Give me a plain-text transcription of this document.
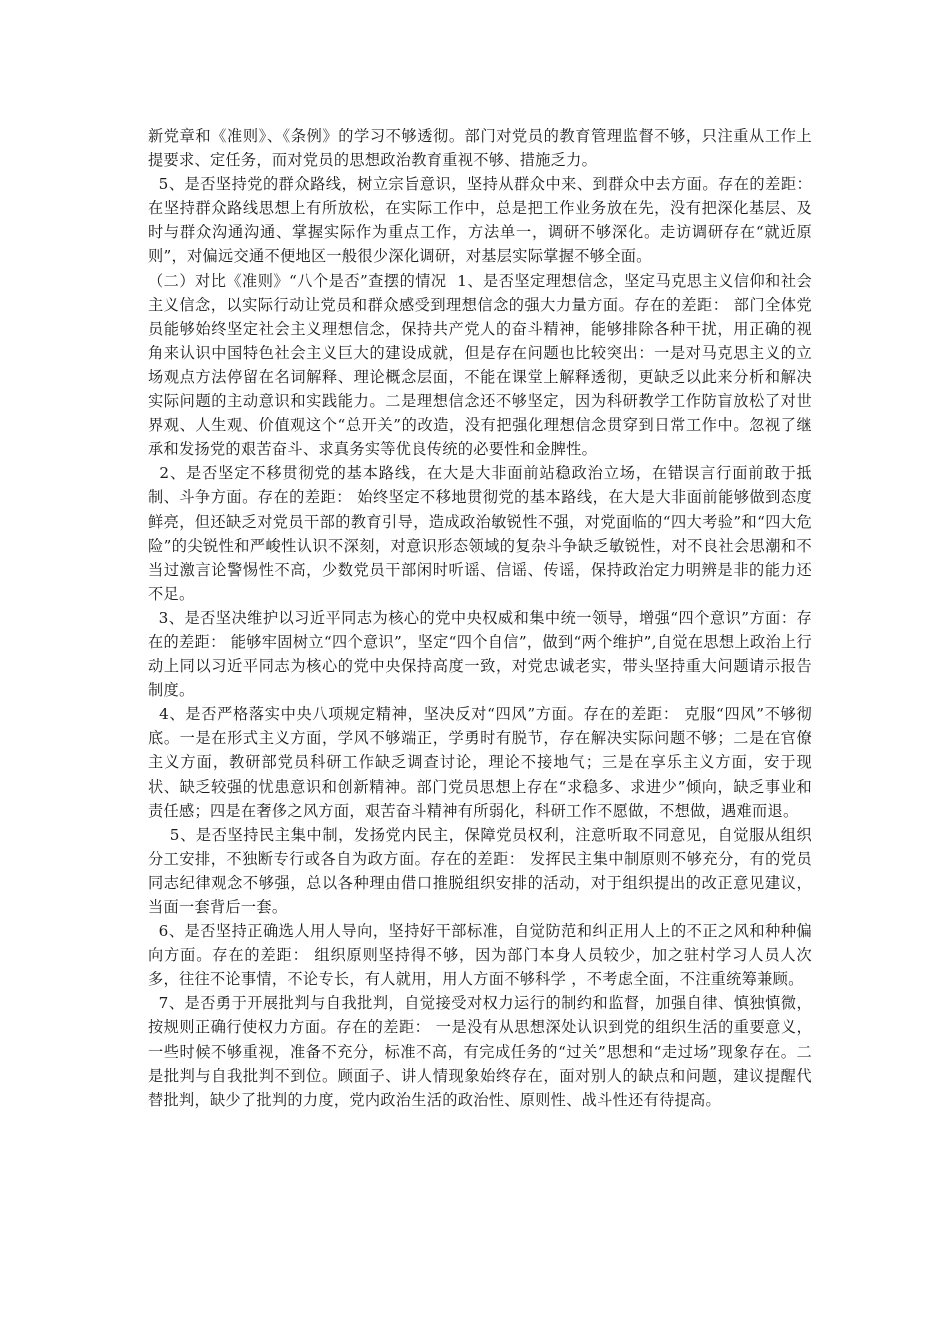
新党章和《准则》、《条例》的学习不够透彻。部门对党员的教育管理监督不够，只注重从工作上提要求、定任务，而对党员的思想政治教育重视不够、措施乏力。

5、是否坚持党的群众路线，树立宗旨意识，坚持从群众中来、到群众中去方面。存在的差距： 在坚持群众路线思想上有所放松，在实际工作中，总是把工作业务放在先，没有把深化基层、及时与群众沟通沟通、掌握实际作为重点工作，方法单一，调研不够深化。走访调研存在“就近原则”，对偏远交通不便地区一般很少深化调研，对基层实际掌握不够全面。

（二）对比《准则》“八个是否”查摆的情况  1、是否坚定理想信念，坚定马克思主义信仰和社会主义信念，以实际行动让党员和群众感受到理想信念的强大力量方面。存在的差距： 部门全体党员能够始终坚定社会主义理想信念，保持共产党人的奋斗精神，能够排除各种干扰，用正确的视角来认识中国特色社会主义巨大的建设成就，但是存在问题也比较突出：一是对马克思主义的立场观点方法停留在名词解释、理论概念层面，不能在课堂上解释透彻，更缺乏以此来分析和解决实际问题的主动意识和实践能力。二是理想信念还不够坚定，因为科研教学工作防盲放松了对世界观、人生观、价值观这个“总开关”的改造，没有把强化理想信念贯穿到日常工作中。忽视了继承和发扬党的艰苦奋斗、求真务实等优良传统的必要性和金脾性。

2、是否坚定不移贯彻党的基本路线，在大是大非面前站稳政治立场，在错误言行面前敢于抵制、斗争方面。存在的差距： 始终坚定不移地贯彻党的基本路线，在大是大非面前能够做到态度鲜亮，但还缺乏对党员干部的教育引导，造成政治敏锐性不强，对党面临的“四大考验”和“四大危险”的尖锐性和严峻性认识不深刻，对意识形态领域的复杂斗争缺乏敏锐性，对不良社会思潮和不当过激言论警惕性不高，少数党员干部闲时听谣、信谣、传谣，保持政治定力明辨是非的能力还不足。

3、是否坚决维护以习近平同志为核心的党中央权威和集中统一领导，增强“四个意识”方面：存在的差距： 能够牢固树立“四个意识”，坚定“四个自信”，做到“两个维护”,自觉在思想上政治上行动上同以习近平同志为核心的党中央保持高度一致，对党忠诚老实，带头坚持重大问题请示报告制度。

4、是否严格落实中央八项规定精神，坚决反对“四风”方面。存在的差距： 克服“四风”不够彻底。一是在形式主义方面，学风不够端正，学勇时有脱节，存在解决实际问题不够；二是在官僚主义方面，教研部党员科研工作缺乏调查讨论，理论不接地气；三是在享乐主义方面，安于现状、缺乏较强的忧患意识和创新精神。部门党员思想上存在“求稳多、求进少”倾向，缺乏事业和责任感；四是在奢侈之风方面，艰苦奋斗精神有所弱化，科研工作不愿做，不想做，遇难而退。

5、是否坚持民主集中制，发扬党内民主，保障党员权利，注意听取不同意见，自觉服从组织分工安排，不独断专行或各自为政方面。存在的差距： 发挥民主集中制原则不够充分，有的党员同志纪律观念不够强，总以各种理由借口推脱组织安排的活动，对于组织提出的改正意见建议，当面一套背后一套。

6、是否坚持正确选人用人导向，坚持好干部标准，自觉防范和纠正用人上的不正之风和种种偏向方面。存在的差距： 组织原则坚持得不够，因为部门本身人员较少，加之驻村学习人员人次多，往往不论事情，不论专长，有人就用，用人方面不够科学 ，不考虑全面，不注重统筹兼顾。

7、是否勇于开展批判与自我批判，自觉接受对权力运行的制约和监督，加强自律、慎独慎微，按规则正确行使权力方面。存在的差距： 一是没有从思想深处认识到党的组织生活的重要意义，一些时候不够重视，准备不充分，标准不高，有完成任务的“过关”思想和“走过场”现象存在。二是批判与自我批判不到位。顾面子、讲人情现象始终存在，面对别人的缺点和问题，建议提醒代替批判，缺少了批判的力度，党内政治生活的政治性、原则性、战斗性还有待提高。
